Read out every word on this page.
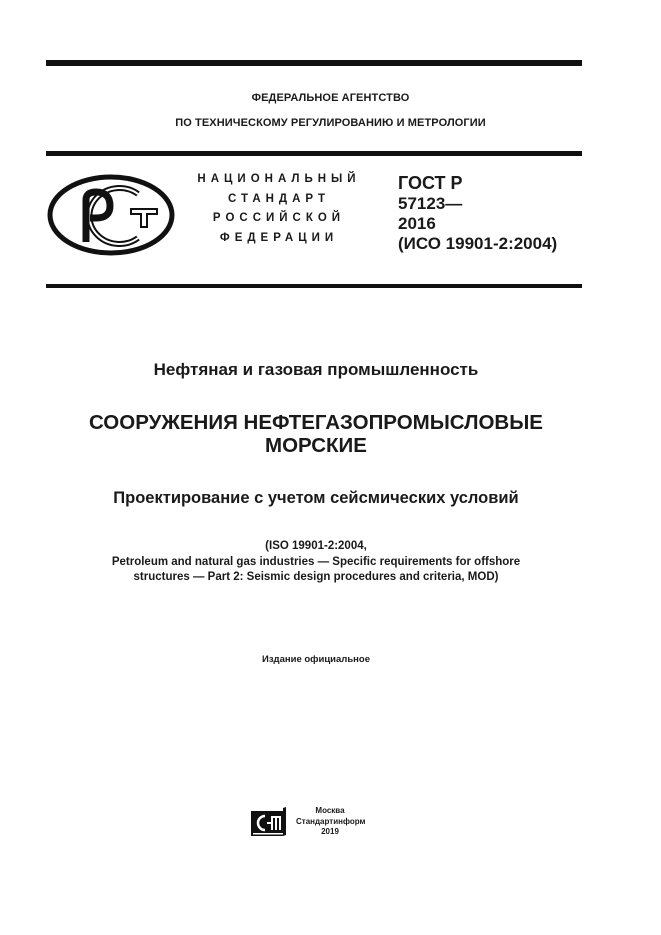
ФЕДЕРАЛЬНОЕ АГЕНТСТВО
ПО ТЕХНИЧЕСКОМУ РЕГУЛИРОВАНИЮ И МЕТРОЛОГИИ
НАЦИОНАЛЬНЫЙ
СТАНДАРТ
РОССИЙСКОЙ
ФЕДЕРАЦИИ
ГОСТ Р
57123—
2016
(ИСО 19901-2:2004)
Нефтяная и газовая промышленность
СООРУЖЕНИЯ НЕФТЕГАЗОПРОМЫСЛОВЫЕ
МОРСКИЕ
Проектирование с учетом сейсмических условий
(ISO 19901-2:2004,
Petroleum and natural gas industries — Specific requirements for offshore
structures — Part 2: Seismic design procedures and criteria, MOD)
Издание официальное
Москва
Стандартинформ
2019
